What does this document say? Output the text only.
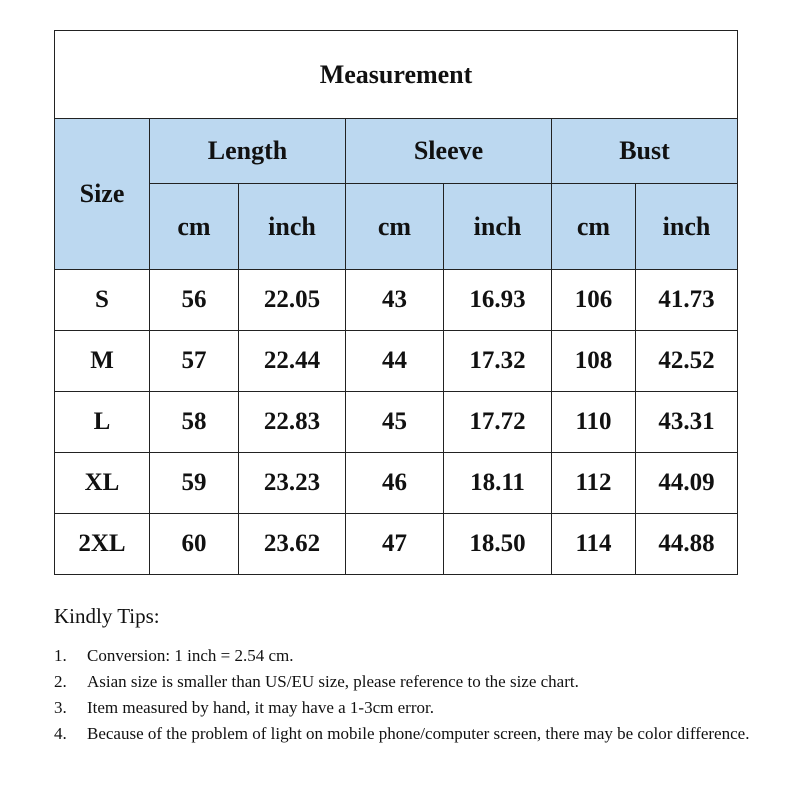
Measurement						
Size	Length		Sleeve		Bust	
	cm	inch	cm	inch	cm	inch
S	56	22.05	43	16.93	106	41.73
M	57	22.44	44	17.32	108	42.52
L	58	22.83	45	17.72	110	43.31
XL	59	23.23	46	18.11	112	44.09
2XL	60	23.62	47	18.50	114	44.88

Kindly Tips:

1. Conversion: 1 inch = 2.54 cm.
2. Asian size is smaller than US/EU size, please reference to the size chart.
3. Item measured by hand, it may have a 1-3cm error.
4. Because of the problem of light on mobile phone/computer screen, there may be color difference.
